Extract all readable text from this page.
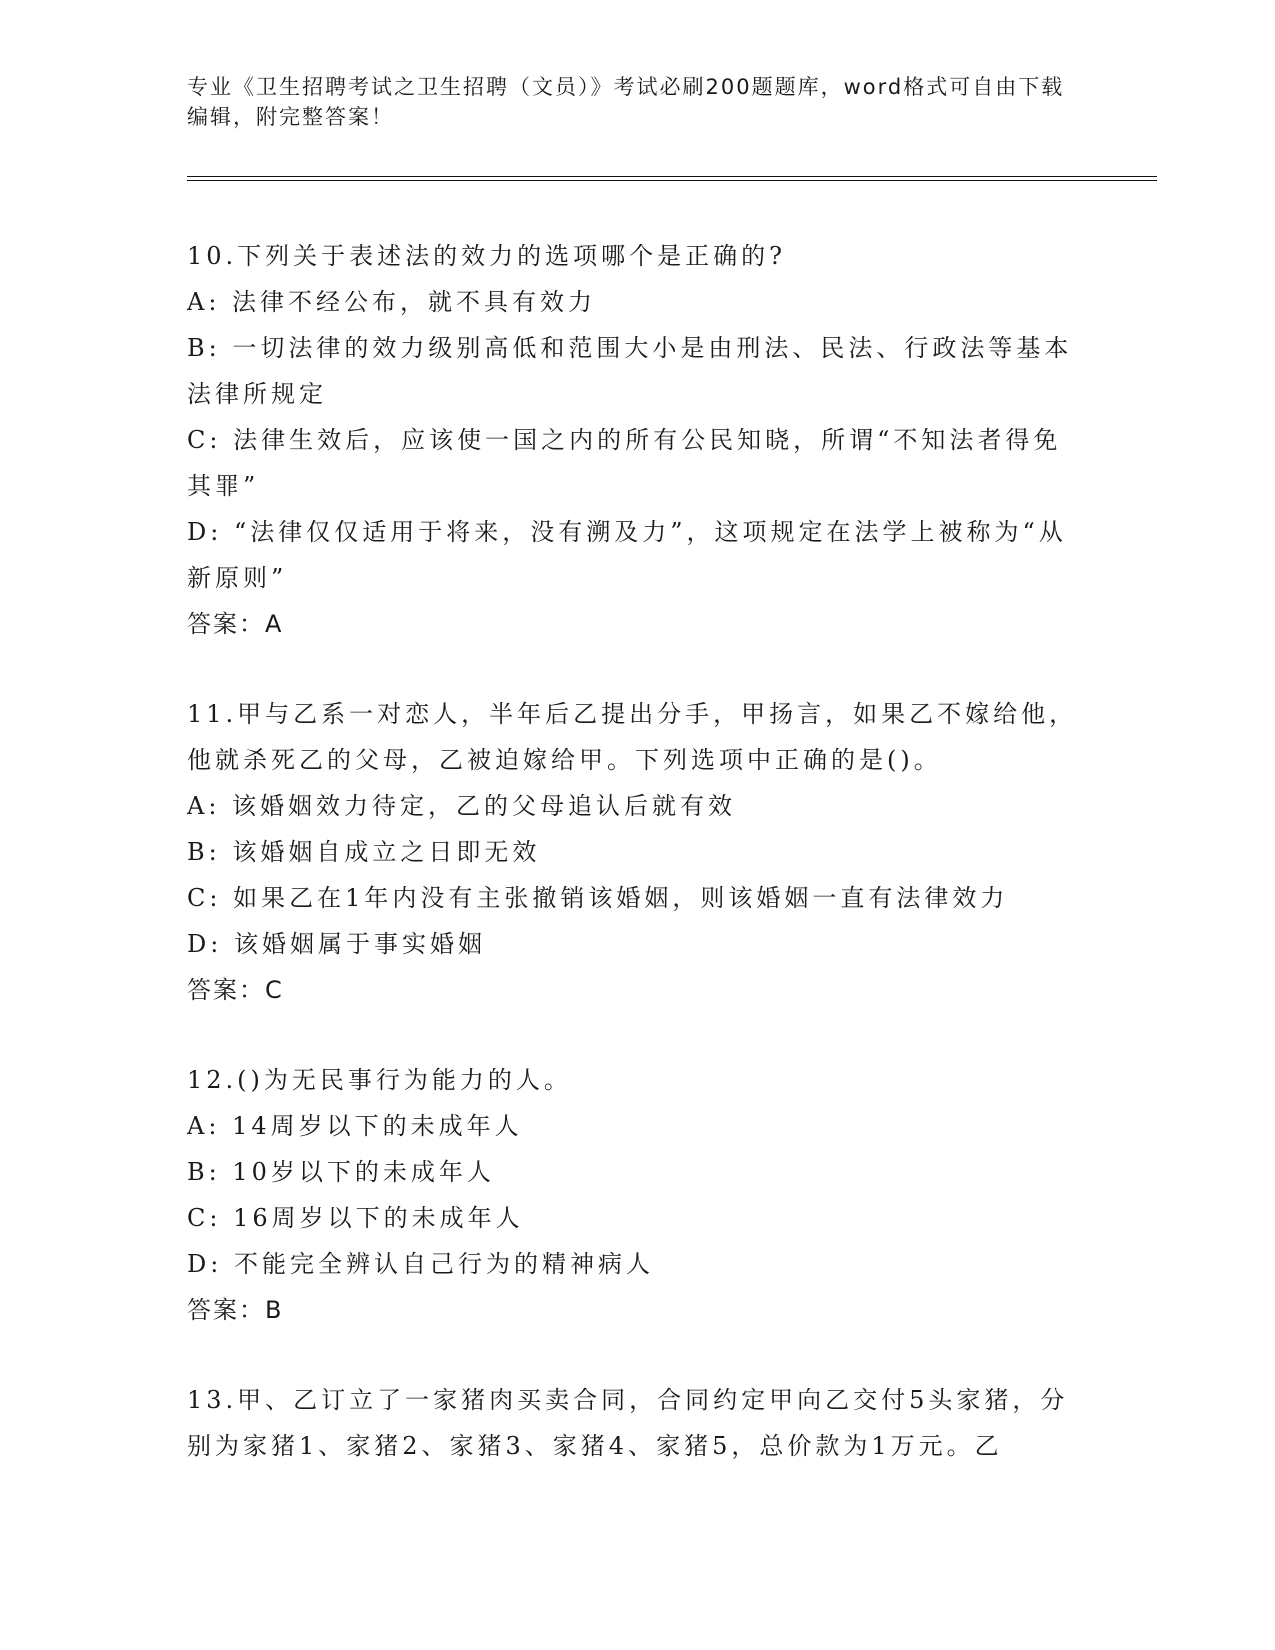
专业《卫生招聘考试之卫生招聘（文员）》考试必刷200题题库，word格式可自由下载编辑，附完整答案！
10.下列关于表述法的效力的选项哪个是正确的?
A: 法律不经公布，就不具有效力
B: 一切法律的效力级别高低和范围大小是由刑法、民法、行政法等基本法律所规定
C: 法律生效后，应该使一国之内的所有公民知晓，所谓“不知法者得免其罪”
D: “法律仅仅适用于将来，没有溯及力”，这项规定在法学上被称为“从新原则”
答案：A
11.甲与乙系一对恋人，半年后乙提出分手，甲扬言，如果乙不嫁给他，他就杀死乙的父母，乙被迫嫁给甲。下列选项中正确的是()。
A: 该婚姻效力待定，乙的父母追认后就有效
B: 该婚姻自成立之日即无效
C: 如果乙在1年内没有主张撤销该婚姻，则该婚姻一直有法律效力
D: 该婚姻属于事实婚姻
答案：C
12.()为无民事行为能力的人。
A: 14周岁以下的未成年人
B: 10岁以下的未成年人
C: 16周岁以下的未成年人
D: 不能完全辨认自己行为的精神病人
答案：B
13.甲、乙订立了一家猪肉买卖合同，合同约定甲向乙交付5头家猪，分别为家猪1、家猪2、家猪3、家猪4、家猪5，总价款为1万元。乙
